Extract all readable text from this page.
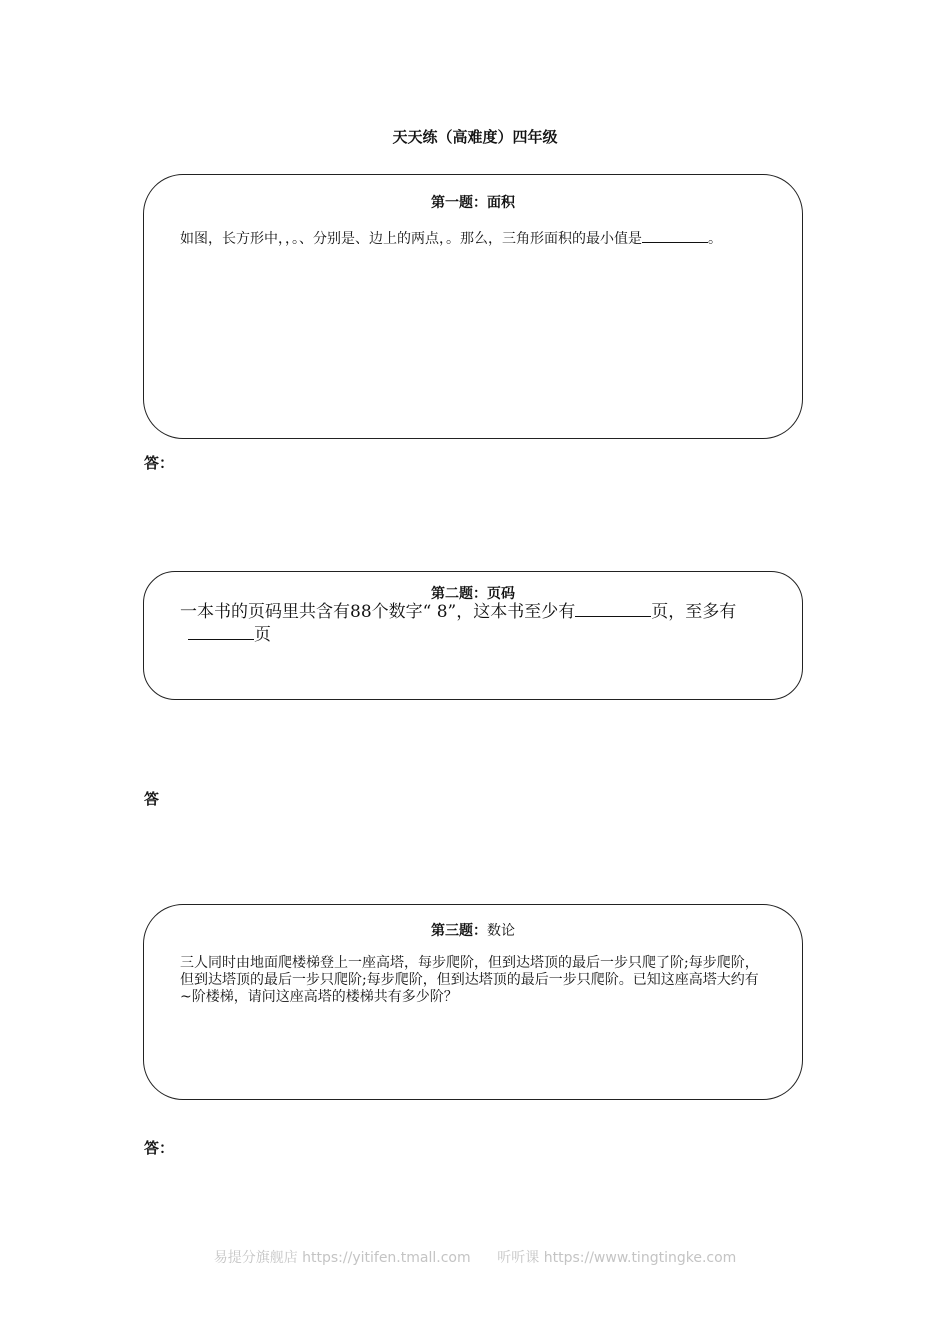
天天练（高难度）四年级
第一题：面积
如图，长方形中，，。、分别是、边上的两点，。那么，三角形面积的最小值是	。
答：
第二题：页码
一本书的页码里共含有88个数字“ 8”，这本书至少有	页，至多有 页
答
第三题：数论
三人同时由地面爬楼梯登上一座高塔，每步爬阶，但到达塔顶的最后一步只爬了阶;每步爬阶，但到达塔顶的最后一步只爬阶;每步爬阶，但到达塔顶的最后一步只爬阶。已知这座高塔大约有~阶楼梯，请问这座高塔的楼梯共有多少阶？
答：
易提分旗舰店 https://yitifen.tmall.com      听听课 https://www.tingtingke.com
